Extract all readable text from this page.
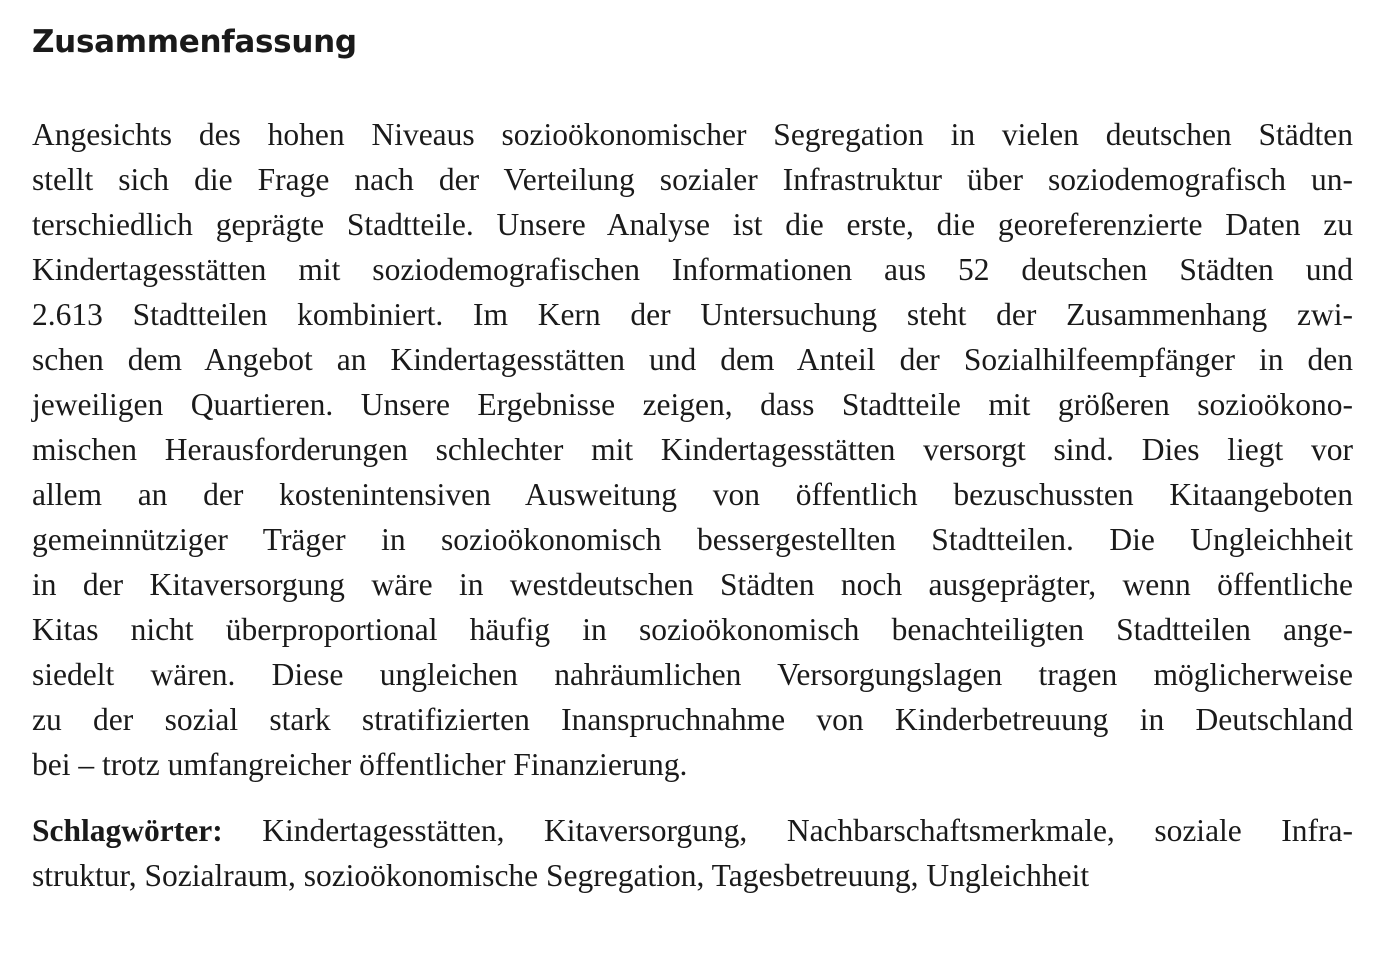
Zusammenfassung

Angesichts des hohen Niveaus sozioökonomischer Segregation in vielen deutschen Städten
stellt sich die Frage nach der Verteilung sozialer Infrastruktur über soziodemografisch un-
terschiedlich geprägte Stadtteile. Unsere Analyse ist die erste, die georeferenzierte Daten zu
Kindertagesstätten mit soziodemografischen Informationen aus 52 deutschen Städten und
2.613 Stadtteilen kombiniert. Im Kern der Untersuchung steht der Zusammenhang zwi-
schen dem Angebot an Kindertagesstätten und dem Anteil der Sozialhilfeempfänger in den
jeweiligen Quartieren. Unsere Ergebnisse zeigen, dass Stadtteile mit größeren sozioökono-
mischen Herausforderungen schlechter mit Kindertagesstätten versorgt sind. Dies liegt vor
allem an der kostenintensiven Ausweitung von öffentlich bezuschussten Kitaangeboten
gemeinnütziger Träger in sozioökonomisch bessergestellten Stadtteilen. Die Ungleichheit
in der Kitaversorgung wäre in westdeutschen Städten noch ausgeprägter, wenn öffentliche
Kitas nicht überproportional häufig in sozioökonomisch benachteiligten Stadtteilen ange-
siedelt wären. Diese ungleichen nahräumlichen Versorgungslagen tragen möglicherweise
zu der sozial stark stratifizierten Inanspruchnahme von Kinderbetreuung in Deutschland
bei – trotz umfangreicher öffentlicher Finanzierung.

Schlagwörter: Kindertagesstätten, Kitaversorgung, Nachbarschaftsmerkmale, soziale Infra-
struktur, Sozialraum, sozioökonomische Segregation, Tagesbetreuung, Ungleichheit
